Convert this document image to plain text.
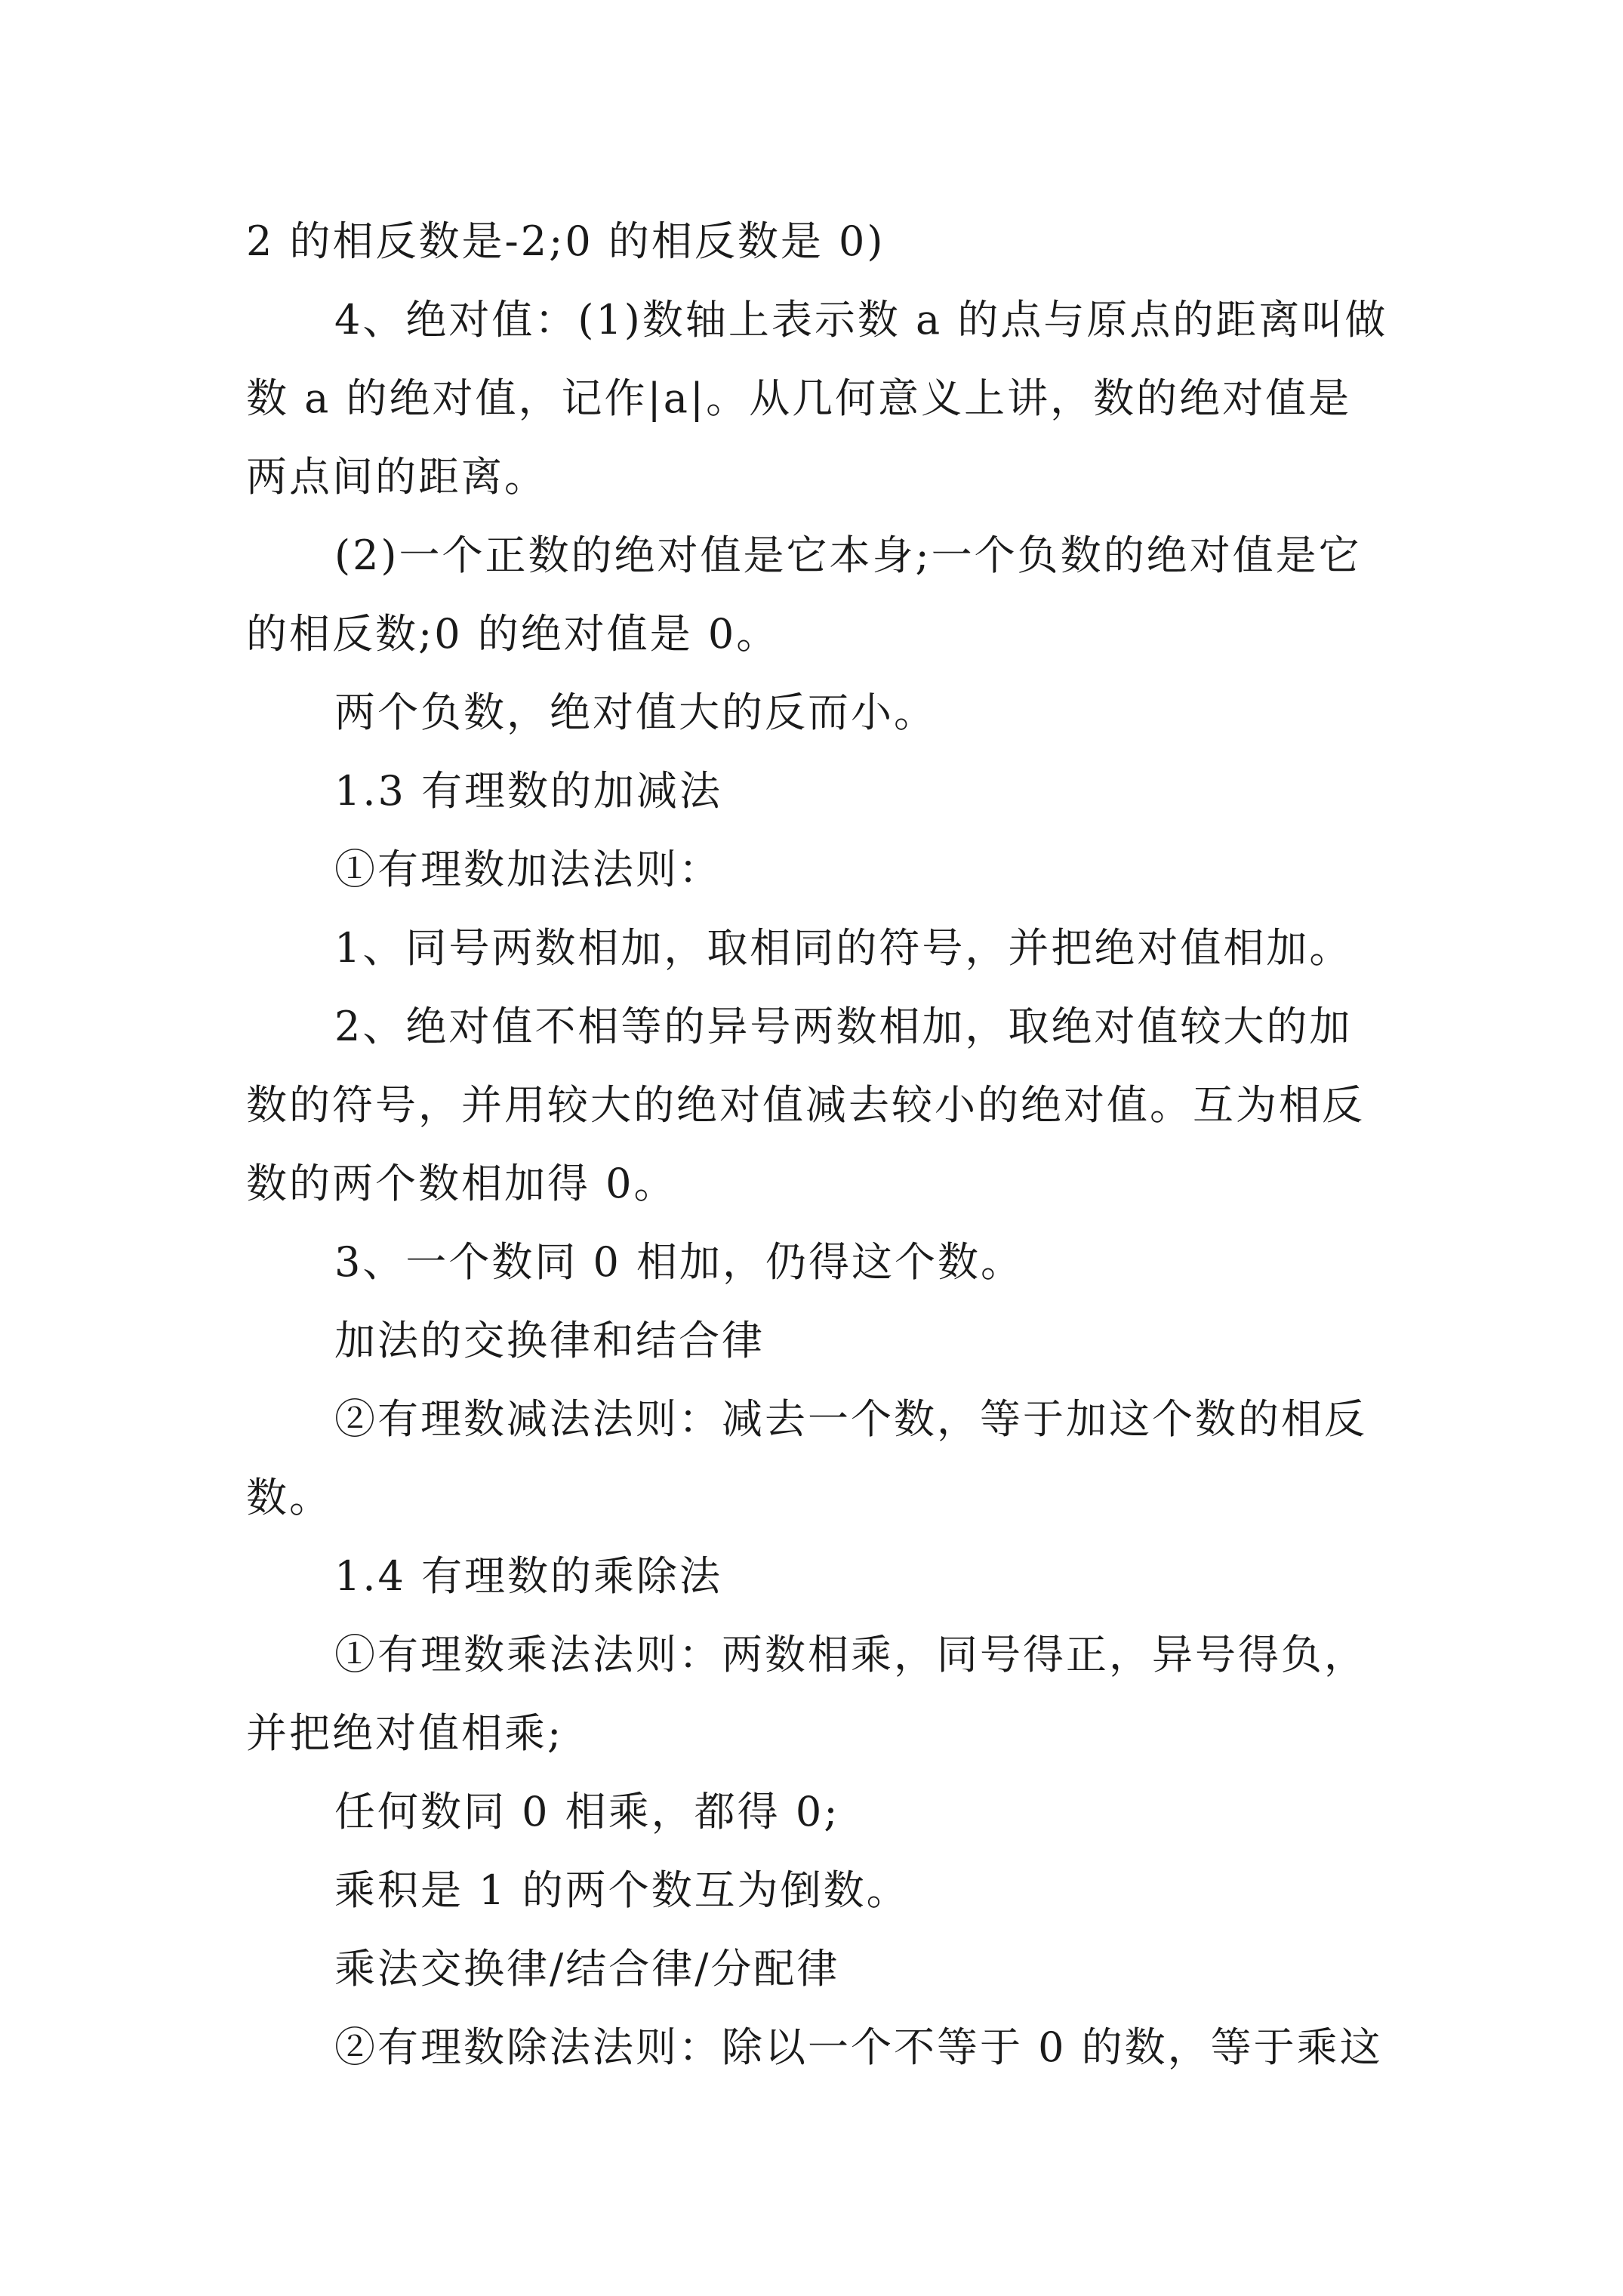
2 的相反数是-2;0 的相反数是 0)
4、绝对值：(1)数轴上表示数 a 的点与原点的距离叫做
数 a 的绝对值，记作|a|。从几何意义上讲，数的绝对值是
两点间的距离。
(2)一个正数的绝对值是它本身;一个负数的绝对值是它
的相反数;0 的绝对值是 0。
两个负数，绝对值大的反而小。
1.3 有理数的加减法
①有理数加法法则：
1、同号两数相加，取相同的符号，并把绝对值相加。
2、绝对值不相等的异号两数相加，取绝对值较大的加
数的符号，并用较大的绝对值减去较小的绝对值。互为相反
数的两个数相加得 0。
3、一个数同 0 相加，仍得这个数。
加法的交换律和结合律
②有理数减法法则：减去一个数，等于加这个数的相反
数。
1.4 有理数的乘除法
①有理数乘法法则：两数相乘，同号得正，异号得负，
并把绝对值相乘;
任何数同 0 相乘，都得 0;
乘积是 1 的两个数互为倒数。
乘法交换律/结合律/分配律
②有理数除法法则：除以一个不等于 0 的数，等于乘这
